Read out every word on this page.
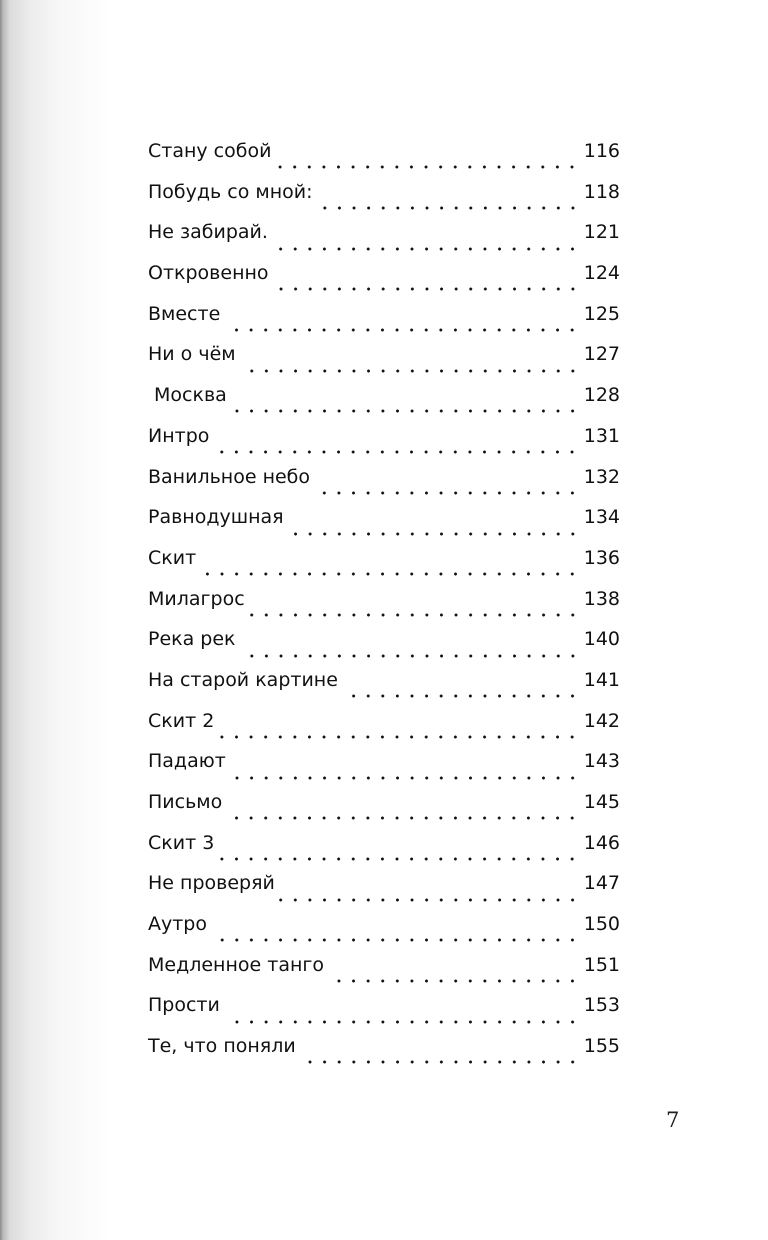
Стану собой	116
Побудь со мной:	118
Не забирай.	121
Откровенно	124
Вместе	125
Ни о чём	127
Москва	128
Интро	131
Ванильное небо	132
Равнодушная	134
Скит	136
Милагрос	138
Река рек	140
На старой картине	141
Скит 2	142
Падают	143
Письмо	145
Скит 3	146
Не проверяй	147
Аутро	150
Медленное танго	151
Прости	153
Те, что поняли	155
7
